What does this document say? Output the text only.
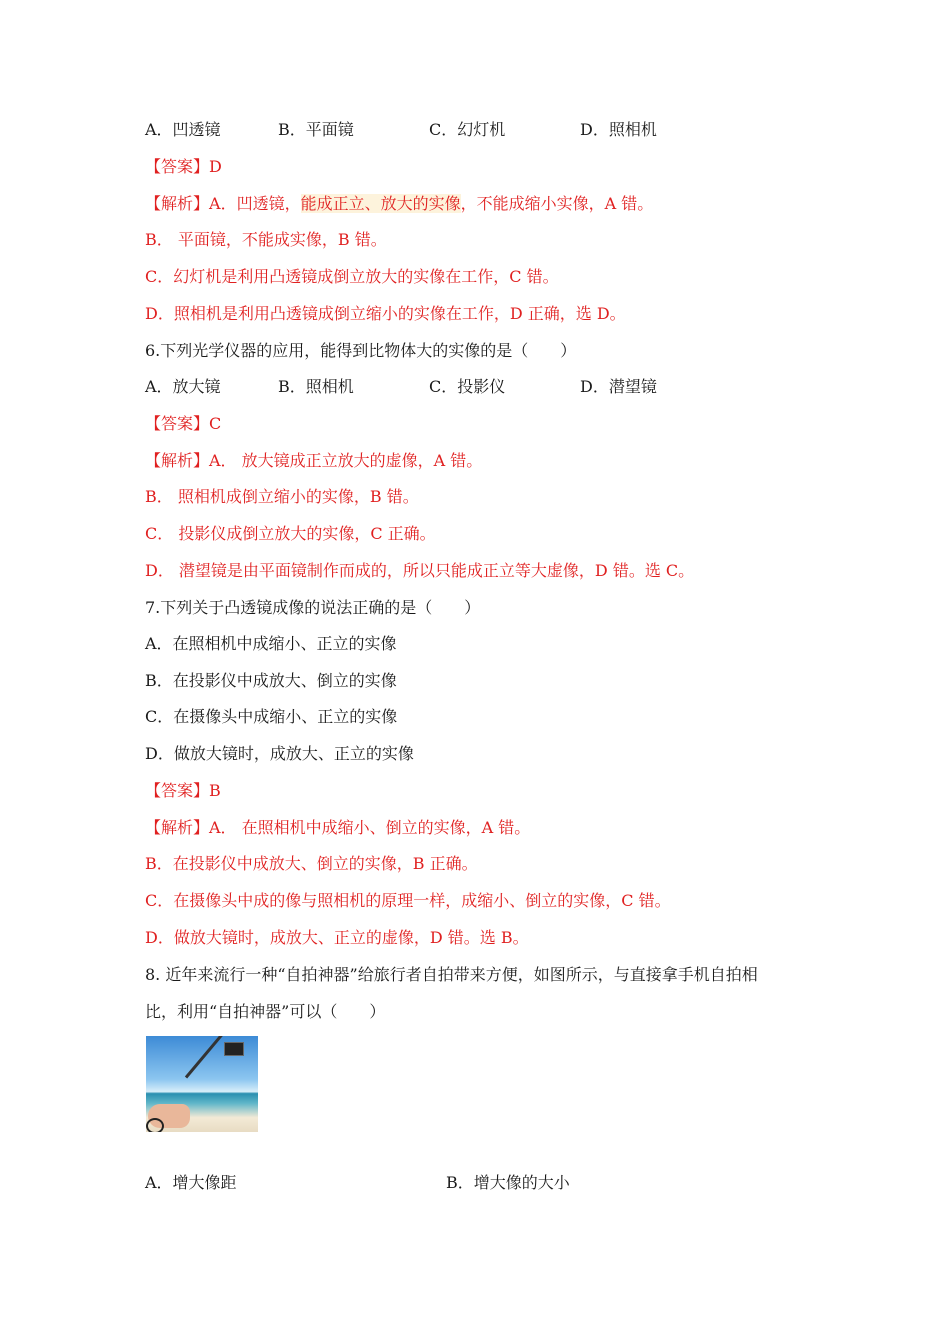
A．凹透镜	B．平面镜	C．幻灯机	D．照相机
【答案】D
【解析】A．凹透镜，能成正立、放大的实像，不能成缩小实像，A 错。
B． 平面镜，不能成实像，B 错。
C．幻灯机是利用凸透镜成倒立放大的实像在工作，C 错。
D．照相机是利用凸透镜成倒立缩小的实像在工作，D 正确，选 D。
6.下列光学仪器的应用，能得到比物体大的实像的是（　　）
A．放大镜	B．照相机	C．投影仪	D．潜望镜
【答案】C
【解析】A． 放大镜成正立放大的虚像，A 错。
B． 照相机成倒立缩小的实像，B 错。
C． 投影仪成倒立放大的实像，C 正确。
D． 潜望镜是由平面镜制作而成的，所以只能成正立等大虚像，D 错。选 C。
7.下列关于凸透镜成像的说法正确的是（　　）
A．在照相机中成缩小、正立的实像
B．在投影仪中成放大、倒立的实像
C．在摄像头中成缩小、正立的实像
D．做放大镜时，成放大、正立的实像
【答案】B
【解析】A． 在照相机中成缩小、倒立的实像，A 错。
B．在投影仪中成放大、倒立的实像，B 正确。
C．在摄像头中成的像与照相机的原理一样，成缩小、倒立的实像，C 错。
D．做放大镜时，成放大、正立的虚像，D 错。选 B。
8. 近年来流行一种“自拍神器”给旅行者自拍带来方便，如图所示，与直接拿手机自拍相
比，利用“自拍神器”可以（　　）
A．增大像距	B．增大像的大小
